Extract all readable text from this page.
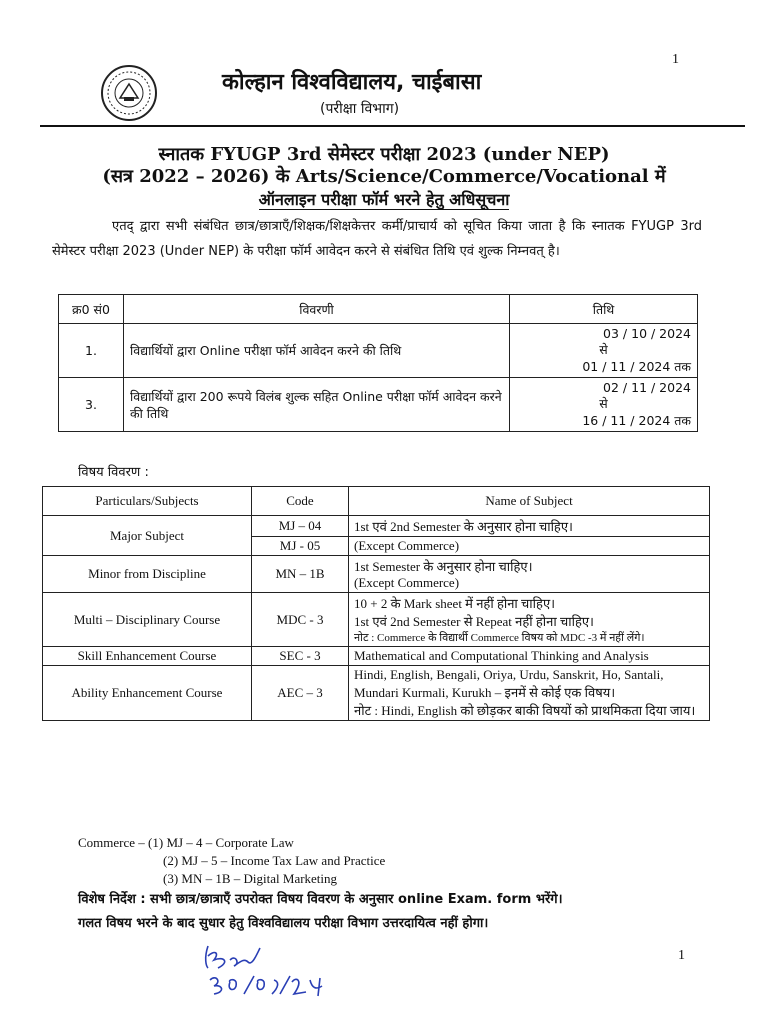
1
कोल्हान विश्वविद्यालय, चाईबासा
(परीक्षा विभाग)
स्नातक FYUGP 3rd सेमेस्टर परीक्षा 2023 (under NEP)
(सत्र 2022 – 2026) के Arts/Science/Commerce/Vocational में
ऑनलाइन परीक्षा फॉर्म भरने हेतु अधिसूचना
एतद् द्वारा सभी संबंधित छात्र/छात्राएँ/शिक्षक/शिक्षकेत्तर कर्मी/प्राचार्य को सूचित किया जाता है कि स्नातक FYUGP 3rd सेमेस्टर परीक्षा 2023 (Under NEP) के परीक्षा फॉर्म आवेदन करने से संबंधित तिथि एवं शुल्क निम्नवत् है।
क्र0 सं0	विवरणी	तिथि
1.	विद्यार्थियों द्वारा Online परीक्षा फॉर्म आवेदन करने की तिथि	03 / 10 / 2024
से
01 / 11 / 2024 तक

3.	विद्यार्थियों द्वारा 200 रूपये विलंब शुल्क सहित Online परीक्षा फॉर्म आवेदन करने की तिथि	02 / 11 / 2024
से
16 / 11 / 2024 तक
विषय विवरण :
Particulars/Subjects	Code	Name of Subject
Major Subject	MJ – 04	1st एवं 2nd Semester के अनुसार होना चाहिए।
	MJ - 05	(Except Commerce)
Minor from Discipline	MN – 1B	1st Semester के अनुसार होना चाहिए।
(Except Commerce)

Multi – Disciplinary Course	MDC - 3	10 + 2 के Mark sheet में नहीं होना चाहिए।
1st एवं 2nd Semester से Repeat नहीं होना चाहिए।
नोट : Commerce के विद्यार्थी Commerce विषय को MDC -3 में नहीं लेंगे।

Skill Enhancement Course	SEC - 3	Mathematical and Computational Thinking and Analysis
Ability Enhancement Course	AEC – 3	Hindi, English, Bengali, Oriya, Urdu, Sanskrit, Ho, Santali, Mundari Kurmali, Kurukh – इनमें से कोई एक विषय।
नोट : Hindi, English को छोड़कर बाकी विषयों को प्राथमिकता दिया जाय।
Commerce – (1) MJ – 4 – Corporate Law
(2) MJ – 5 – Income Tax Law and Practice
(3) MN – 1B – Digital Marketing
विशेष निर्देश : सभी छात्र/छात्राएँ उपरोक्त विषय विवरण के अनुसार online Exam. form भरेंगे।
गलत विषय भरने के बाद सुधार हेतु विश्वविद्यालय परीक्षा विभाग उत्तरदायित्व नहीं होगा।
1
